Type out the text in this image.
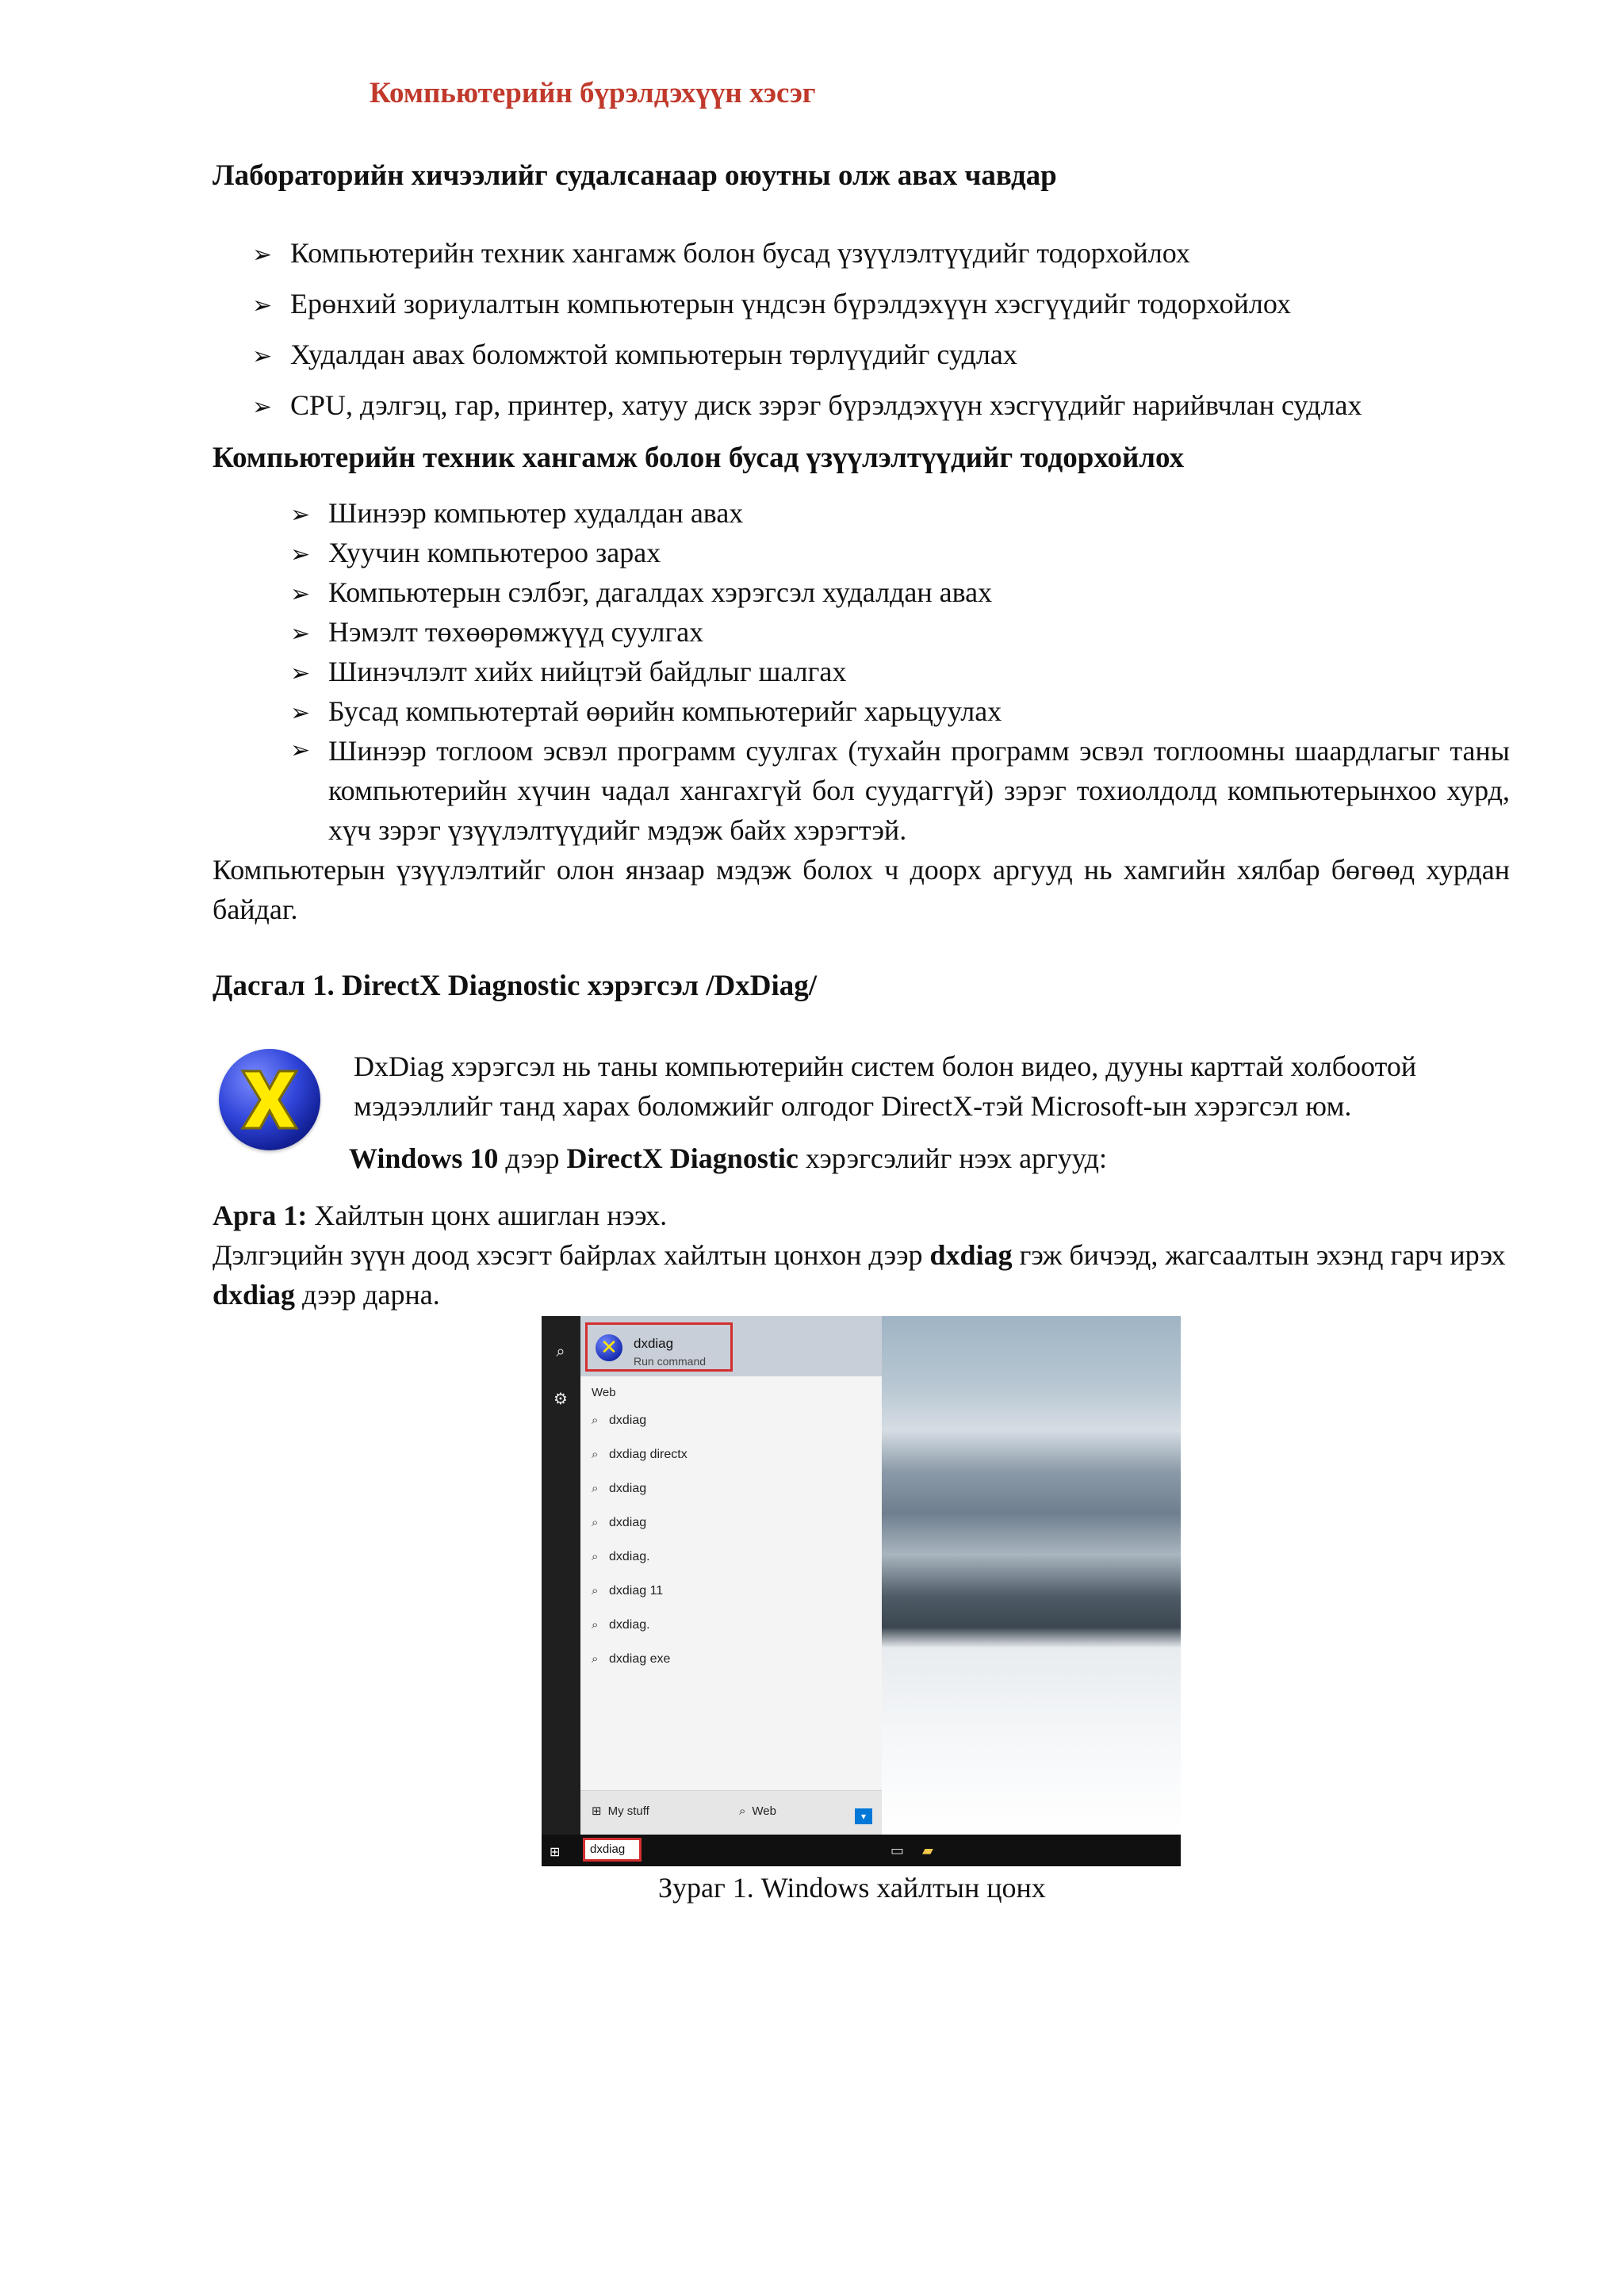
Компьютерийн бүрэлдэхүүн хэсэг
Лабораторийн хичээлийг судалсанаар оюутны олж авах чавдар
➢ Компьютерийн техник хангамж болон бусад үзүүлэлтүүдийг тодорхойлох
➢ Ерөнхий зориулалтын компьютерын үндсэн бүрэлдэхүүн хэсгүүдийг тодорхойлох
➢ Худалдан авах боломжтой компьютерын төрлүүдийг судлах
➢ CPU, дэлгэц, гар, принтер, хатуу диск зэрэг бүрэлдэхүүн хэсгүүдийг нарийвчлан судлах
Компьютерийн техник хангамж болон бусад үзүүлэлтүүдийг тодорхойлох
➢ Шинээр компьютер худалдан авах
➢ Хуучин компьютероо зарах
➢ Компьютерын сэлбэг, дагалдах хэрэгсэл худалдан авах
➢ Нэмэлт төхөөрөмжүүд суулгах
➢ Шинэчлэлт хийх нийцтэй байдлыг шалгах
➢ Бусад компьютертай өөрийн компьютерийг харьцуулах
➢ Шинээр тоглоом эсвэл программ суулгах (тухайн программ эсвэл тоглоомны шаардлагыг таны компьютерийн хүчин чадал хангахгүй бол суудаггүй) зэрэг тохиолдолд компьютерынхоо хурд, хүч зэрэг үзүүлэлтүүдийг мэдэж байх хэрэгтэй.
Компьютерын үзүүлэлтийг олон янзаар мэдэж болох ч доорх аргууд нь хамгийн хялбар бөгөөд хурдан байдаг.
Дасгал 1. DirectX Diagnostic хэрэгсэл /DxDiag/
DxDiag хэрэгсэл нь таны компьютерийн систем болон видео, дууны карттай холбоотой мэдээллийг танд харах боломжийг олгодог DirectX-тэй Microsoft-ын хэрэгсэл юм.
Windows 10 дээр DirectX Diagnostic хэрэгсэлийг нээх аргууд:
Арга 1: Хайлтын цонх ашиглан нээх.
Дэлгэцийн зүүн доод хэсэгт байрлах хайлтын цонхон дээр dxdiag гэж бичээд, жагсаалтын эхэнд гарч ирэх dxdiag дээр дарна.
⌕
⚙
✕
dxdiag
Run command
Web
⌕ dxdiag
⌕ dxdiag directx
⌕ dxdiag
⌕ dxdiag
⌕ dxdiag.
⌕ dxdiag 11
⌕ dxdiag.
⌕ dxdiag exe
⊞ My stuff	⌕ Web	▾
⊞	dxdiag	▭ ▰
Зураг 1. Windows хайлтын цонх
